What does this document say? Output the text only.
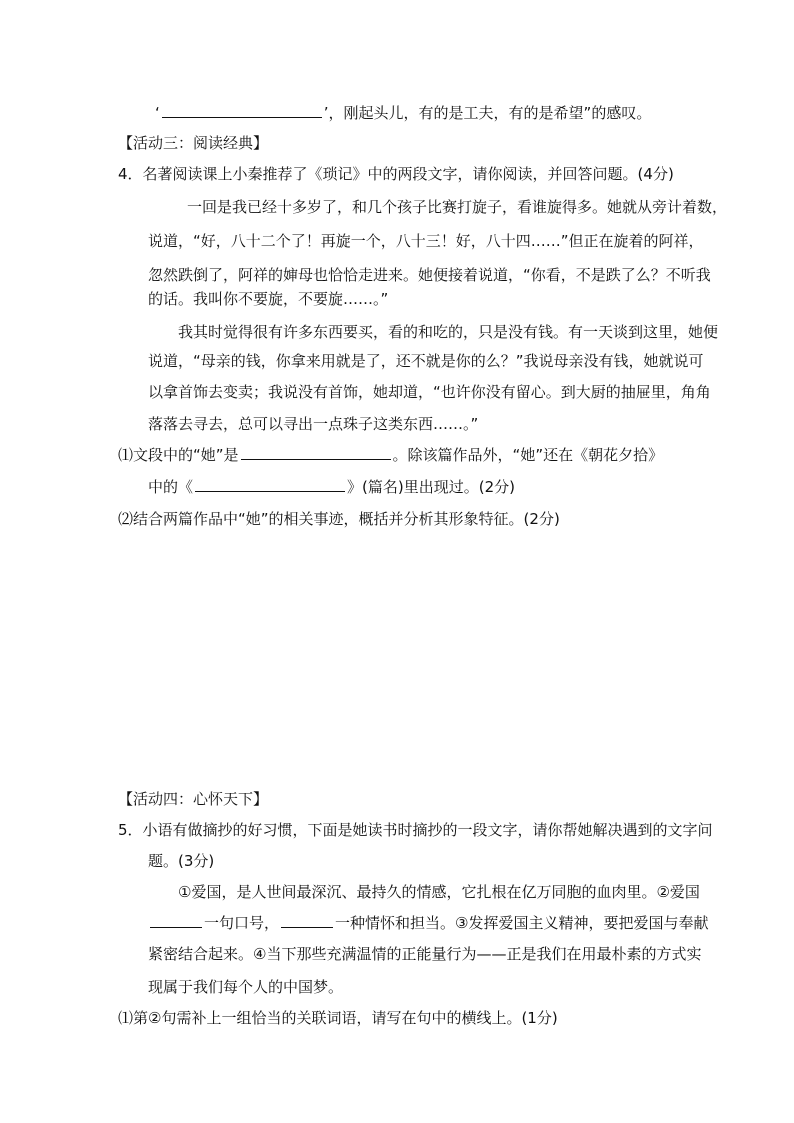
‘	’，刚起头儿，有的是工夫，有的是希望”的感叹。
【活动三：阅读经典】
4．名著阅读课上小秦推荐了《琐记》中的两段文字，请你阅读，并回答问题。(4分)
一回是我已经十多岁了，和几个孩子比赛打旋子，看谁旋得多。她就从旁计着数，
说道，“好，八十二个了！再旋一个，八十三！好，八十四……”但正在旋着的阿祥，
忽然跌倒了，阿祥的婶母也恰恰走进来。她便接着说道，“你看，不是跌了么？不听我
的话。我叫你不要旋，不要旋……。”
我其时觉得很有许多东西要买，看的和吃的，只是没有钱。有一天谈到这里，她便
说道，“母亲的钱，你拿来用就是了，还不就是你的么？”我说母亲没有钱，她就说可
以拿首饰去变卖；我说没有首饰，她却道，“也许你没有留心。到大厨的抽屉里，角角
落落去寻去，总可以寻出一点珠子这类东西……。”
⑴文段中的“她”是	。除该篇作品外，“她”还在《朝花夕拾》
中的《	》(篇名)里出现过。(2分)
⑵结合两篇作品中“她”的相关事迹，概括并分析其形象特征。(2分)
【活动四：心怀天下】
5．小语有做摘抄的好习惯，下面是她读书时摘抄的一段文字，请你帮她解决遇到的文字问
题。(3分)
①爱国，是人世间最深沉、最持久的情感，它扎根在亿万同胞的血肉里。②爱国
一句口号，	一种情怀和担当。③发挥爱国主义精神，要把爱国与奉献
紧密结合起来。④当下那些充满温情的正能量行为——正是我们在用最朴素的方式实
现属于我们每个人的中国梦。
⑴第②句需补上一组恰当的关联词语，请写在句中的横线上。(1分)
